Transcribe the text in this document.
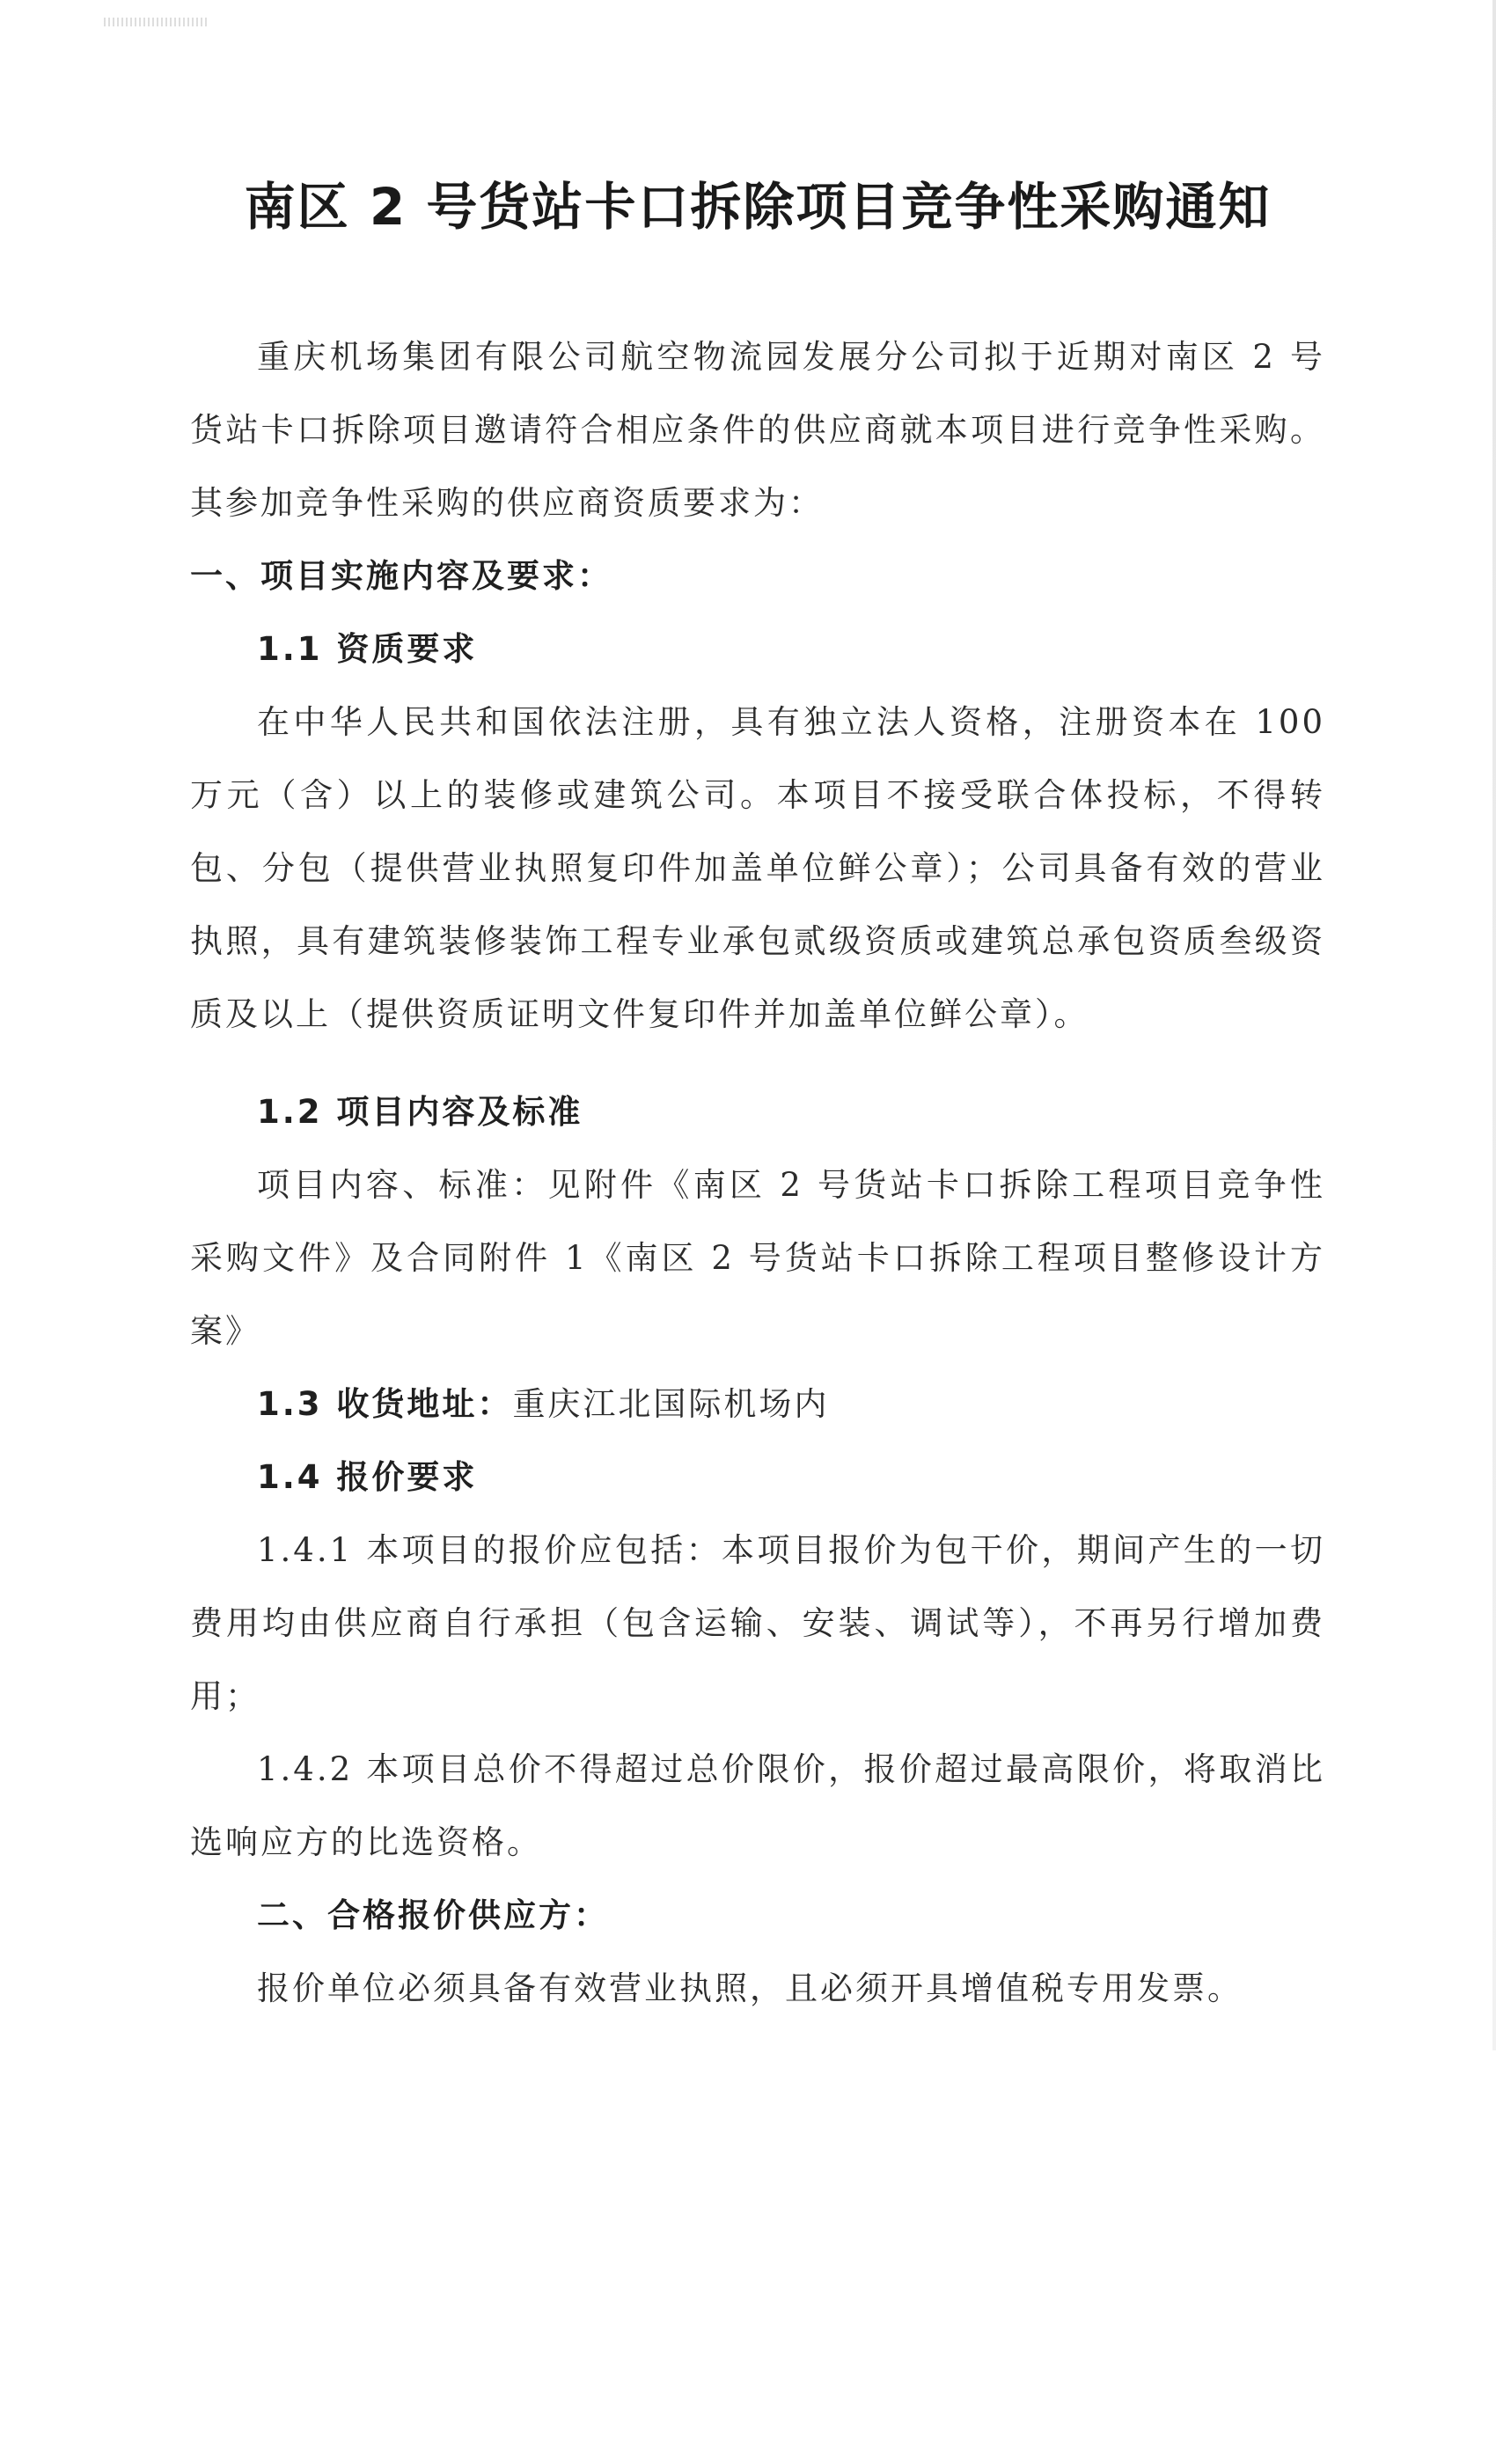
南区 2 号货站卡口拆除项目竞争性采购通知

重庆机场集团有限公司航空物流园发展分公司拟于近期对南区 2 号货站卡口拆除项目邀请符合相应条件的供应商就本项目进行竞争性采购。其参加竞争性采购的供应商资质要求为：

一、项目实施内容及要求：
1.1 资质要求

在中华人民共和国依法注册，具有独立法人资格，注册资本在 100 万元（含）以上的装修或建筑公司。本项目不接受联合体投标，不得转包、分包（提供营业执照复印件加盖单位鲜公章）；公司具备有效的营业执照，具有建筑装修装饰工程专业承包贰级资质或建筑总承包资质叁级资质及以上（提供资质证明文件复印件并加盖单位鲜公章）。

1.2 项目内容及标准

项目内容、标准：见附件《南区 2 号货站卡口拆除工程项目竞争性采购文件》及合同附件 1《南区 2 号货站卡口拆除工程项目整修设计方案》

1.3 收货地址：重庆江北国际机场内
1.4 报价要求

1.4.1 本项目的报价应包括：本项目报价为包干价，期间产生的一切费用均由供应商自行承担（包含运输、安装、调试等），不再另行增加费用；

1.4.2 本项目总价不得超过总价限价，报价超过最高限价，将取消比选响应方的比选资格。

二、合格报价供应方：

报价单位必须具备有效营业执照，且必须开具增值税专用发票。
